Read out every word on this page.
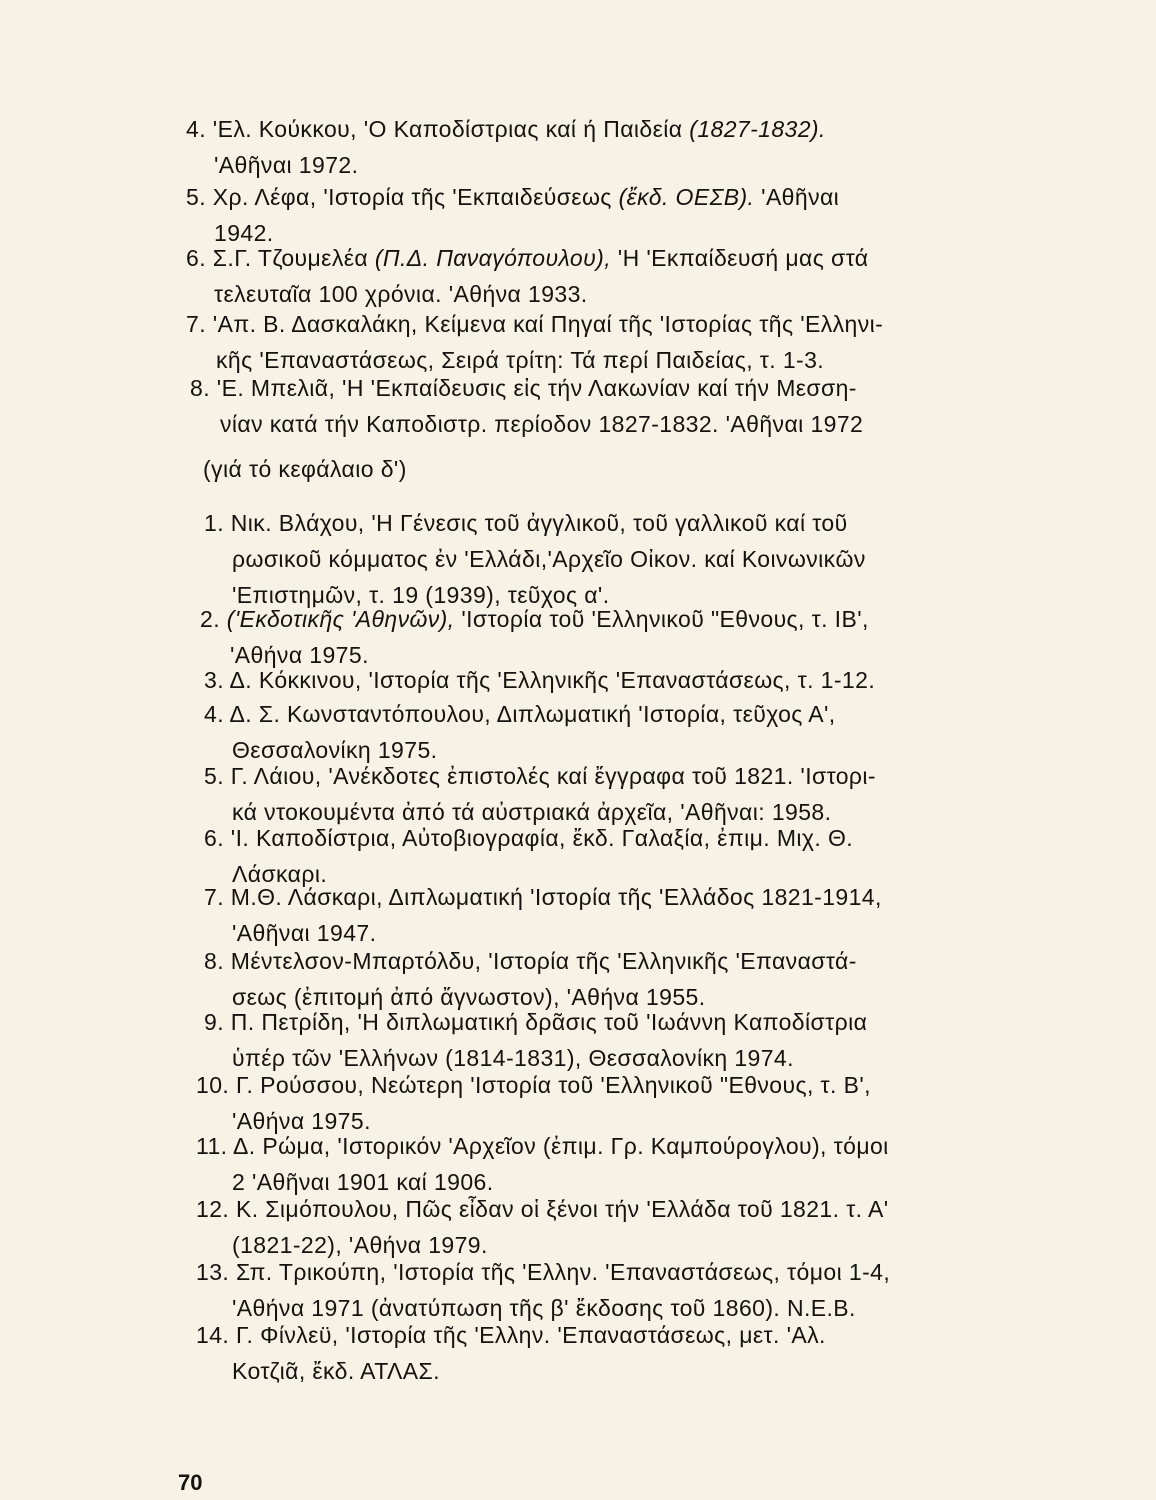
4. 'Ελ. Κούκκου, 'Ο Καποδίστριας καί ή Παιδεία (1827-1832).
'Αθῆναι 1972.
5. Χρ. Λέφα, 'Ιστορία τῆς 'Εκπαιδεύσεως (ἔκδ. ΟΕΣΒ). 'Αθῆναι
1942.
6. Σ.Γ. Τζουμελέα (Π.Δ. Παναγόπουλου), 'Η 'Εκπαίδευσή μας στά
τελευταῖα 100 χρόνια. 'Αθήνα 1933.
7. 'Απ. Β. Δασκαλάκη, Κείμενα καί Πηγαί τῆς 'Ιστορίας τῆς 'Ελληνι-
κῆς 'Επαναστάσεως, Σειρά τρίτη: Τά περί Παιδείας, τ. 1-3.
8. 'Ε. Μπελιᾶ, 'Η 'Εκπαίδευσις εἰς τήν Λακωνίαν καί τήν Μεσση-
νίαν κατά τήν Καποδιστρ. περίοδον 1827-1832. 'Αθῆναι 1972
(γιά τό κεφάλαιο δ')
1. Νικ. Βλάχου, 'Η Γένεσις τοῦ ἀγγλικοῦ, τοῦ γαλλικοῦ καί τοῦ
ρωσικοῦ κόμματος ἐν 'Ελλάδι,'Αρχεῖο Οἰκον. καί Κοινωνικῶν
'Επιστημῶν, τ. 19 (1939), τεῦχος α'.
2. ('Εκδοτικῆς 'Αθηνῶν), 'Ιστορία τοῦ 'Ελληνικοῦ "Εθνους, τ. ΙΒ',
'Αθήνα 1975.
3. Δ. Κόκκινου, 'Ιστορία τῆς 'Ελληνικῆς 'Επαναστάσεως, τ. 1-12.
4. Δ. Σ. Κωνσταντόπουλου, Διπλωματική 'Ιστορία, τεῦχος Α',
Θεσσαλονίκη 1975.
5. Γ. Λάιου, 'Ανέκδοτες ἐπιστολές καί ἔγγραφα τοῦ 1821. 'Ιστορι-
κά ντοκουμέντα ἀπό τά αὐστριακά ἀρχεῖα, 'Αθῆναι: 1958.
6. 'Ι. Καποδίστρια, Αὐτοβιογραφία, ἔκδ. Γαλαξία, ἐπιμ. Μιχ. Θ.
Λάσκαρι.
7. Μ.Θ. Λάσκαρι, Διπλωματική 'Ιστορία τῆς 'Ελλάδος 1821-1914,
'Αθῆναι 1947.
8. Μέντελσον-Μπαρτόλδυ, 'Ιστορία τῆς 'Ελληνικῆς 'Επαναστά-
σεως (ἐπιτομή ἀπό ἄγνωστον), 'Αθήνα 1955.
9. Π. Πετρίδη, 'Η διπλωματική δρᾶσις τοῦ 'Ιωάννη Καποδίστρια
ὑπέρ τῶν 'Ελλήνων (1814-1831), Θεσσαλονίκη 1974.
10. Γ. Ρούσσου, Νεώτερη 'Ιστορία τοῦ 'Ελληνικοῦ "Εθνους, τ. Β',
'Αθήνα 1975.
11. Δ. Ρώμα, 'Ιστορικόν 'Αρχεῖον (ἐπιμ. Γρ. Καμπούρογλου), τόμοι
2 'Αθῆναι 1901 καί 1906.
12. Κ. Σιμόπουλου, Πῶς εἶδαν οἱ ξένοι τήν 'Ελλάδα τοῦ 1821. τ. Α'
(1821-22), 'Αθήνα 1979.
13. Σπ. Τρικούπη, 'Ιστορία τῆς 'Ελλην. 'Επαναστάσεως, τόμοι 1-4,
'Αθήνα 1971 (ἀνατύπωση τῆς β' ἔκδοσης τοῦ 1860). Ν.Ε.Β.
14. Γ. Φίνλεϋ, 'Ιστορία τῆς 'Ελλην. 'Επαναστάσεως, μετ. 'Αλ.
Κοτζιᾶ, ἔκδ. ΑΤΛΑΣ.
70
